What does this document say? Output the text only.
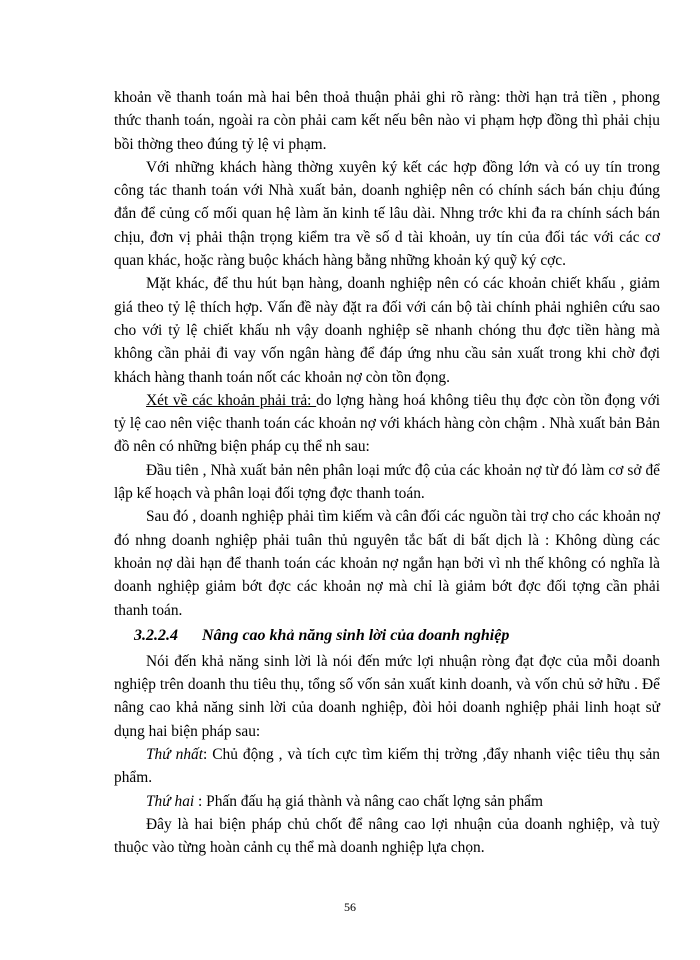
khoản về thanh toán mà hai bên thoả thuận phải ghi rõ ràng: thời hạn trả tiền , phong thức thanh toán, ngoài ra còn phải cam kết nếu bên nào vi phạm hợp đồng thì phải chịu bồi thờng theo đúng tỷ lệ vi phạm.

Với những khách hàng thờng xuyên ký kết các hợp đồng lớn và có uy tín trong công tác thanh toán với Nhà xuất bản, doanh nghiệp nên có chính sách bán chịu đúng đắn để củng cố mối quan hệ làm ăn kinh tế lâu dài. Nhng trớc khi đa ra chính sách bán chịu, đơn vị phải thận trọng kiểm tra về số d tài khoản, uy tín của đối tác với các cơ quan khác, hoặc ràng buộc khách hàng bằng những khoản ký quỹ ký cợc.

Mặt khác, để thu hút bạn hàng, doanh nghiệp nên có các khoản chiết khấu , giảm giá theo tỷ lệ thích hợp. Vấn đề này đặt ra đối với cán bộ tài chính phải nghiên cứu sao cho với tỷ lệ chiết khấu nh vậy doanh nghiệp sẽ nhanh chóng thu đợc tiền hàng mà không cần phải đi vay vốn ngân hàng để đáp ứng nhu cầu sản xuất trong khi chờ đợi khách hàng thanh toán nốt các khoản nợ còn tồn đọng.

Xét về các khoản phải trả: do lợng hàng hoá không tiêu thụ đợc còn tồn đọng với tỷ lệ cao nên việc thanh toán các khoản nợ với khách hàng còn chậm . Nhà xuất bản Bản đồ nên có những biện pháp cụ thể nh sau:

Đầu tiên , Nhà xuất bản nên phân loại mức độ của các khoản nợ từ đó làm cơ sở để lập kế hoạch và phân loại đối tợng đợc thanh toán.

Sau đó , doanh nghiệp phải tìm kiếm và cân đối các nguồn tài trợ cho các khoản nợ đó nhng doanh nghiệp phải tuân thủ nguyên tắc bất di bất dịch là : Không dùng các khoản nợ dài hạn để thanh toán các khoản nợ ngắn hạn bởi vì nh thế không có nghĩa là doanh nghiệp giảm bớt đợc các khoản nợ mà chỉ là giảm bớt đợc đối tợng cần phải thanh toán.

3.2.2.4 Nâng cao khả năng sinh lời của doanh nghiệp

Nói đến khả năng sinh lời là nói đến mức lợi nhuận ròng đạt đợc của mỗi doanh nghiệp trên doanh thu tiêu thụ, tổng số vốn sản xuất kinh doanh, và vốn chủ sở hữu . Để nâng cao khả năng sinh lời của doanh nghiệp, đòi hỏi doanh nghiệp phải linh hoạt sử dụng hai biện pháp sau:

Thứ nhất: Chủ động , và tích cực tìm kiếm thị trờng ,đẩy nhanh việc tiêu thụ sản phẩm.

Thứ hai : Phấn đấu hạ giá thành và nâng cao chất lợng sản phẩm

Đây là hai biện pháp chủ chốt để nâng cao lợi nhuận của doanh nghiệp, và tuỳ thuộc vào từng hoàn cảnh cụ thể mà doanh nghiệp lựa chọn.

56
